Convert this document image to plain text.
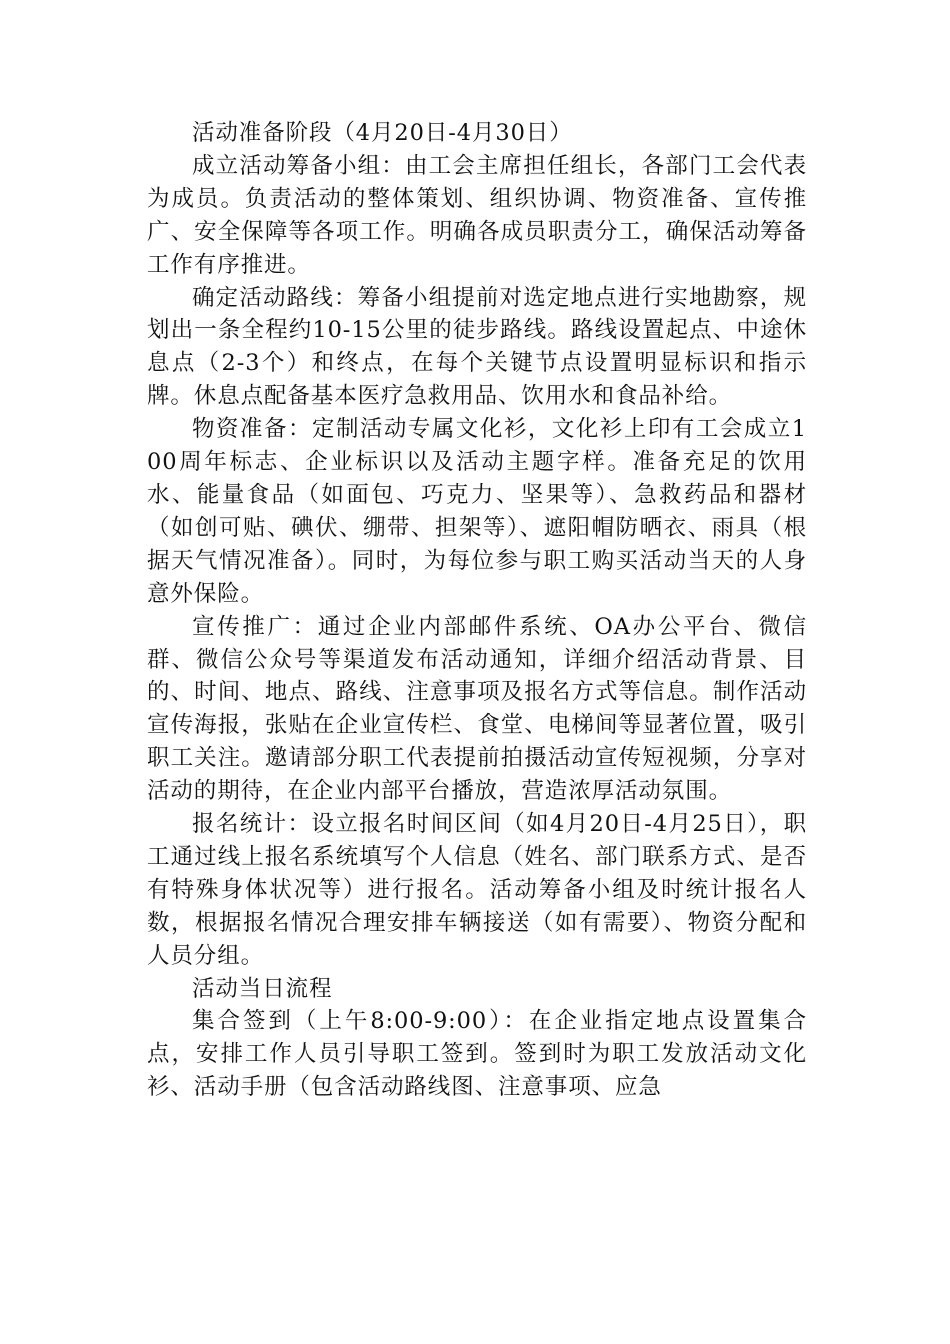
活动准备阶段（4月20日-4月30日）

成立活动筹备小组：由工会主席担任组长，各部门工会代表为成员。负责活动的整体策划、组织协调、物资准备、宣传推广、安全保障等各项工作。明确各成员职责分工，确保活动筹备工作有序推进。

确定活动路线：筹备小组提前对选定地点进行实地勘察，规划出一条全程约10-15公里的徒步路线。路线设置起点、中途休息点（2-3个）和终点，在每个关键节点设置明显标识和指示牌。休息点配备基本医疗急救用品、饮用水和食品补给。

物资准备：定制活动专属文化衫，文化衫上印有工会成立100周年标志、企业标识以及活动主题字样。准备充足的饮用水、能量食品（如面包、巧克力、坚果等）、急救药品和器材（如创可贴、碘伏、绷带、担架等）、遮阳帽防晒衣、雨具（根据天气情况准备）。同时，为每位参与职工购买活动当天的人身意外保险。

宣传推广：通过企业内部邮件系统、OA办公平台、微信群、微信公众号等渠道发布活动通知，详细介绍活动背景、目的、时间、地点、路线、注意事项及报名方式等信息。制作活动宣传海报，张贴在企业宣传栏、食堂、电梯间等显著位置，吸引职工关注。邀请部分职工代表提前拍摄活动宣传短视频，分享对活动的期待，在企业内部平台播放，营造浓厚活动氛围。

报名统计：设立报名时间区间（如4月20日-4月25日），职工通过线上报名系统填写个人信息（姓名、部门联系方式、是否有特殊身体状况等）进行报名。活动筹备小组及时统计报名人数，根据报名情况合理安排车辆接送（如有需要）、物资分配和人员分组。

活动当日流程

集合签到（上午8:00-9:00）：在企业指定地点设置集合点，安排工作人员引导职工签到。签到时为职工发放活动文化衫、活动手册（包含活动路线图、注意事项、应急
